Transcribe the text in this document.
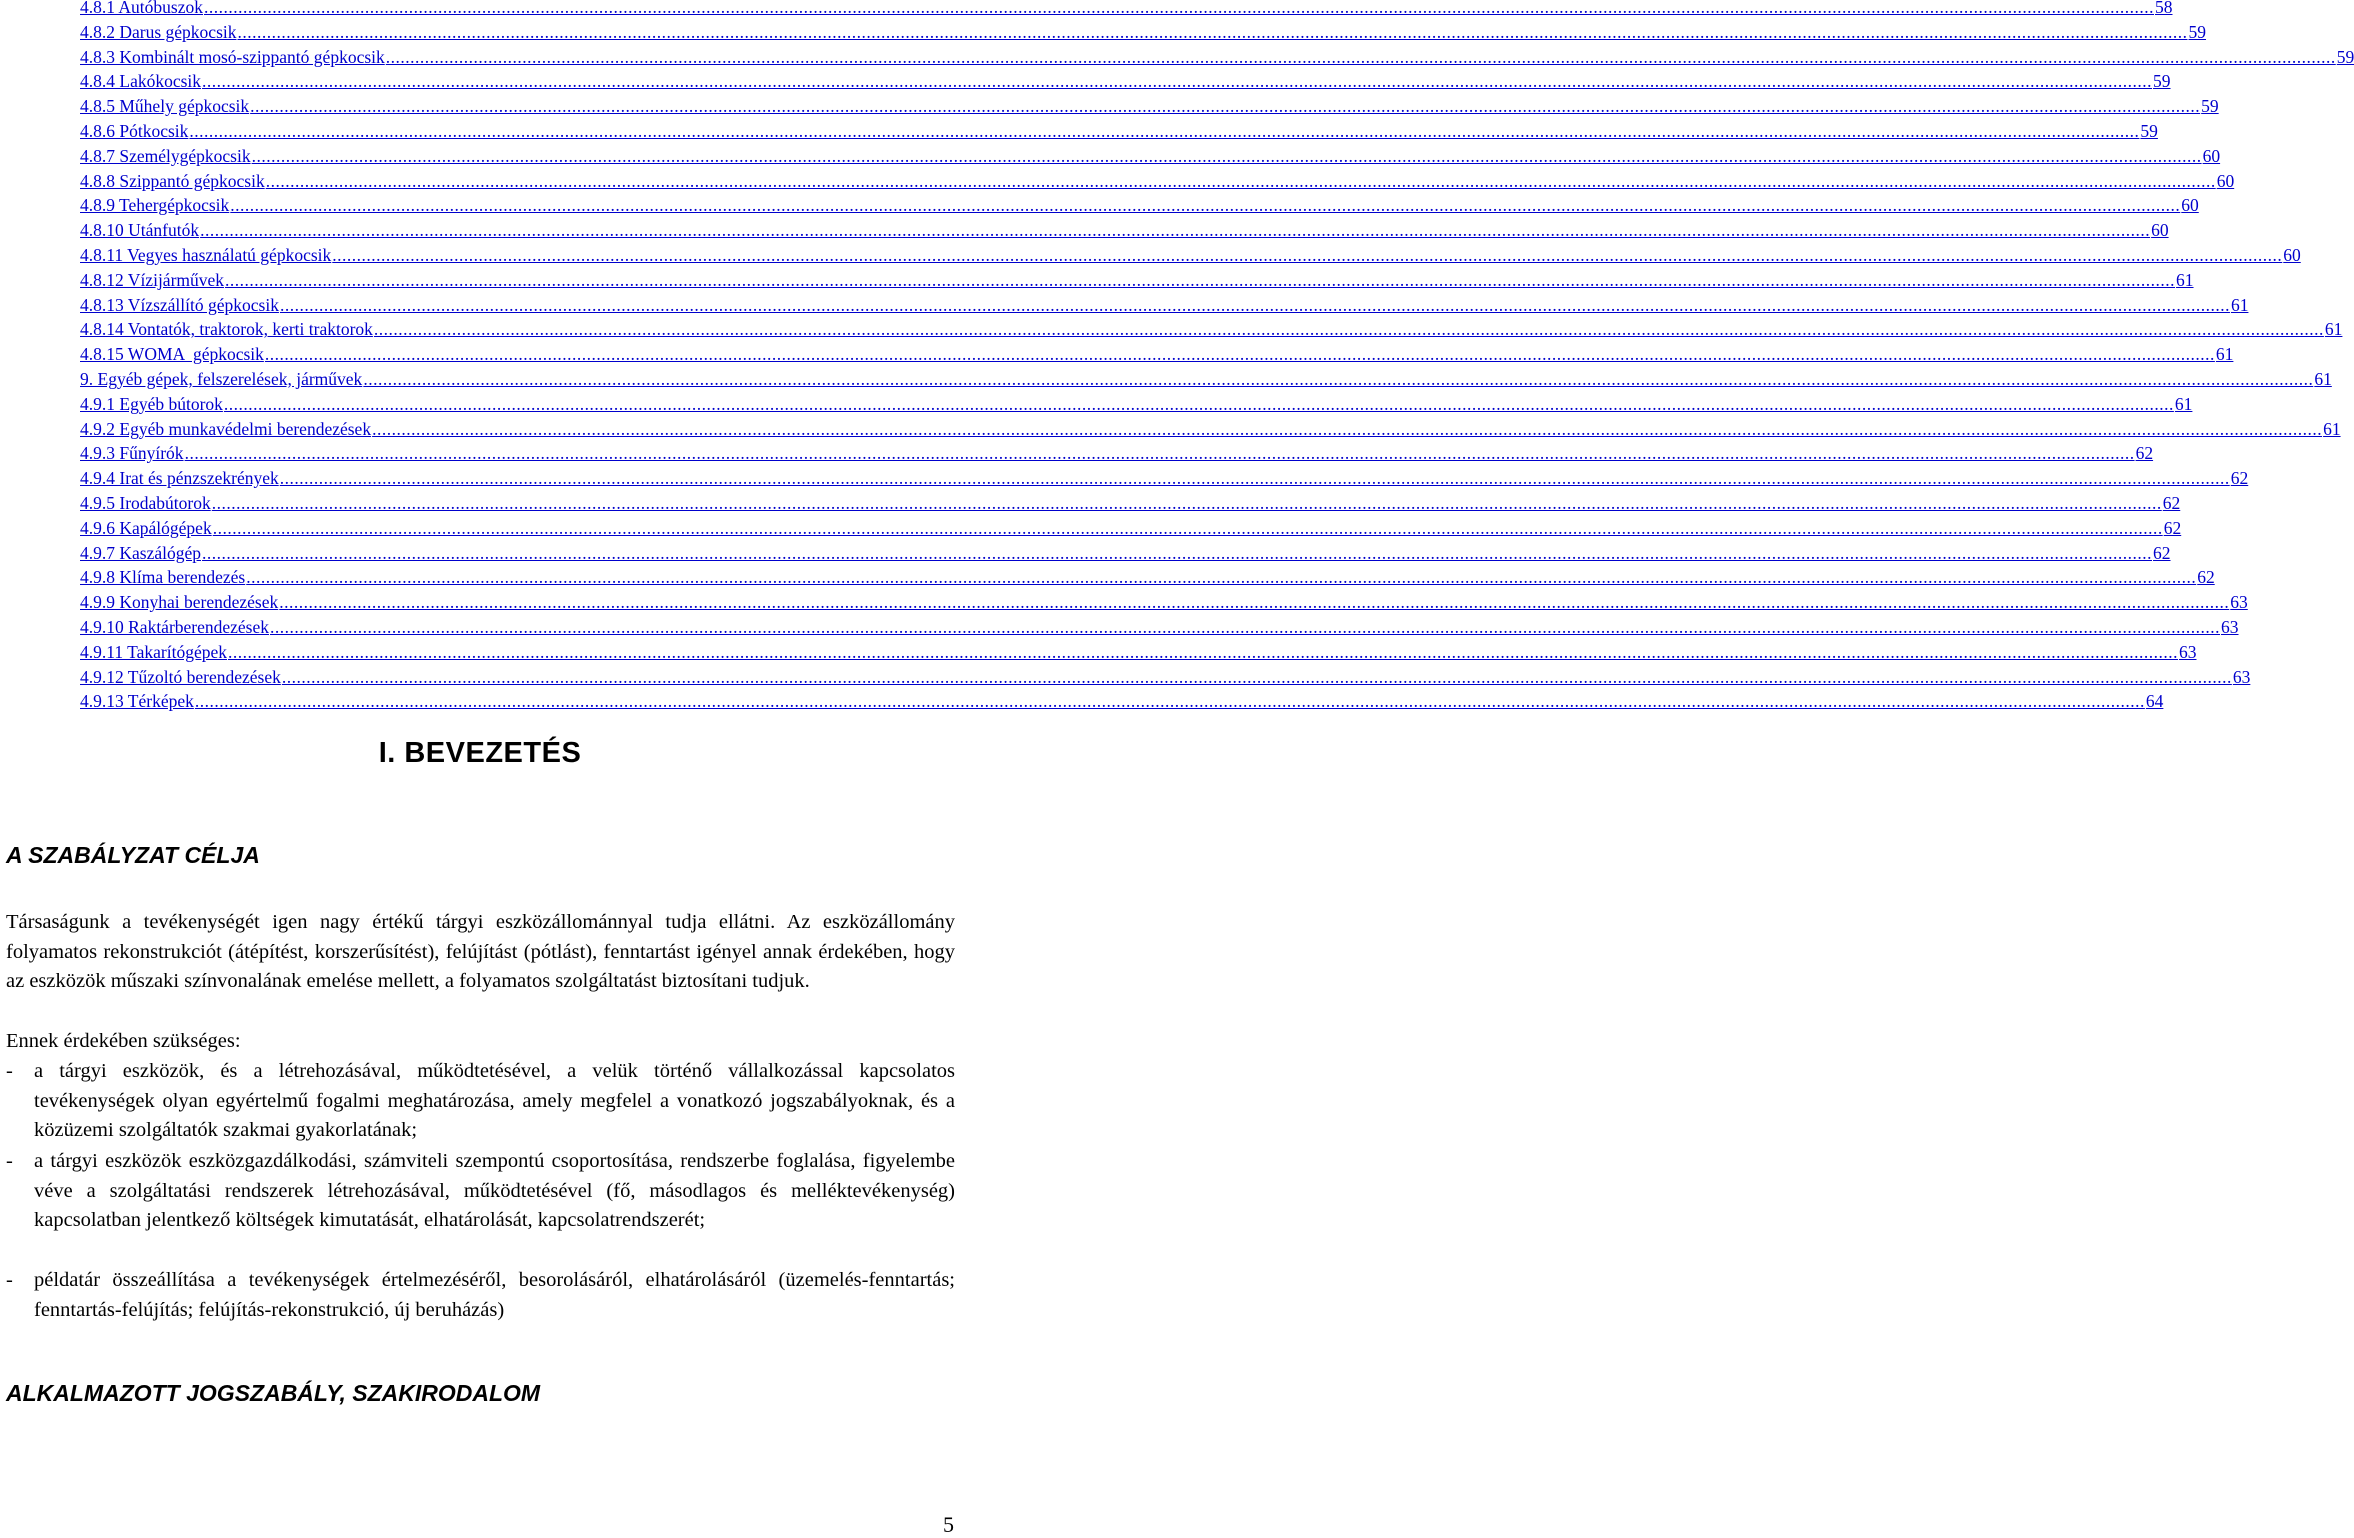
4.8.1 Autóbuszok ................................................................................................................................................................................................................................................................................................................................................................................................................ 58
4.8.2 Darus gépkocsik ................................................................................................................................................................................................................................................................................................................................................................................................................ 59
4.8.3 Kombinált mosó-szippantó gépkocsik ................................................................................................................................................................................................................................................................................................................................................................................................................ 59
4.8.4 Lakókocsik ................................................................................................................................................................................................................................................................................................................................................................................................................ 59
4.8.5 Műhely gépkocsik ................................................................................................................................................................................................................................................................................................................................................................................................................ 59
4.8.6 Pótkocsik ................................................................................................................................................................................................................................................................................................................................................................................................................ 59
4.8.7 Személygépkocsik ................................................................................................................................................................................................................................................................................................................................................................................................................ 60
4.8.8 Szippantó gépkocsik ................................................................................................................................................................................................................................................................................................................................................................................................................ 60
4.8.9 Tehergépkocsik ................................................................................................................................................................................................................................................................................................................................................................................................................ 60
4.8.10 Utánfutók ................................................................................................................................................................................................................................................................................................................................................................................................................ 60
4.8.11 Vegyes használatú gépkocsik ................................................................................................................................................................................................................................................................................................................................................................................................................ 60
4.8.12 Vízijárművek ................................................................................................................................................................................................................................................................................................................................................................................................................ 61
4.8.13 Vízszállító gépkocsik ................................................................................................................................................................................................................................................................................................................................................................................................................ 61
4.8.14 Vontatók, traktorok, kerti traktorok ................................................................................................................................................................................................................................................................................................................................................................................................................ 61
4.8.15 WOMA  gépkocsik ................................................................................................................................................................................................................................................................................................................................................................................................................ 61
9. Egyéb gépek, felszerelések, járművek ................................................................................................................................................................................................................................................................................................................................................................................................................ 61
4.9.1 Egyéb bútorok ................................................................................................................................................................................................................................................................................................................................................................................................................ 61
4.9.2 Egyéb munkavédelmi berendezések ................................................................................................................................................................................................................................................................................................................................................................................................................ 61
4.9.3 Fűnyírók ................................................................................................................................................................................................................................................................................................................................................................................................................ 62
4.9.4 Irat és pénzszekrények ................................................................................................................................................................................................................................................................................................................................................................................................................ 62
4.9.5 Irodabútorok ................................................................................................................................................................................................................................................................................................................................................................................................................ 62
4.9.6 Kapálógépek ................................................................................................................................................................................................................................................................................................................................................................................................................ 62
4.9.7 Kaszálógép ................................................................................................................................................................................................................................................................................................................................................................................................................ 62
4.9.8 Klíma berendezés ................................................................................................................................................................................................................................................................................................................................................................................................................ 62
4.9.9 Konyhai berendezések ................................................................................................................................................................................................................................................................................................................................................................................................................ 63
4.9.10 Raktárberendezések ................................................................................................................................................................................................................................................................................................................................................................................................................ 63
4.9.11 Takarítógépek ................................................................................................................................................................................................................................................................................................................................................................................................................ 63
4.9.12 Tűzoltó berendezések ................................................................................................................................................................................................................................................................................................................................................................................................................ 63
4.9.13 Térképek ................................................................................................................................................................................................................................................................................................................................................................................................................ 64
I. BEVEZETÉS
A SZABÁLYZAT CÉLJA

Társaságunk a tevékenységét igen nagy értékű tárgyi eszközállománnyal tudja ellátni. Az eszközállomány folyamatos rekonstrukciót (átépítést, korszerűsítést), felújítást (pótlást), fenntartást igényel annak érdekében, hogy az eszközök műszaki színvonalának emelése mellett, a folyamatos szolgáltatást biztosítani tudjuk.

Ennek érdekében szükséges:

-	a tárgyi eszközök, és a létrehozásával, működtetésével, a velük történő vállalkozással kapcsolatos tevékenységek olyan egyértelmű fogalmi meghatározása, amely megfelel a vonatkozó jogszabályoknak, és a közüzemi szolgáltatók szakmai gyakorlatának;
-	a tárgyi eszközök eszközgazdálkodási, számviteli szempontú csoportosítása, rendszerbe foglalása, figyelembe véve a szolgáltatási rendszerek létrehozásával, működtetésével (fő, másodlagos és melléktevékenység) kapcsolatban jelentkező költségek kimutatását, elhatárolását, kapcsolatrendszerét;
-	példatár összeállítása a tevékenységek értelmezéséről, besorolásáról, elhatárolásáról (üzemelés-fenntartás; fenntartás-felújítás; felújítás-rekonstrukció, új beruházás)
ALKALMAZOTT JOGSZABÁLY, SZAKIRODALOM
5
